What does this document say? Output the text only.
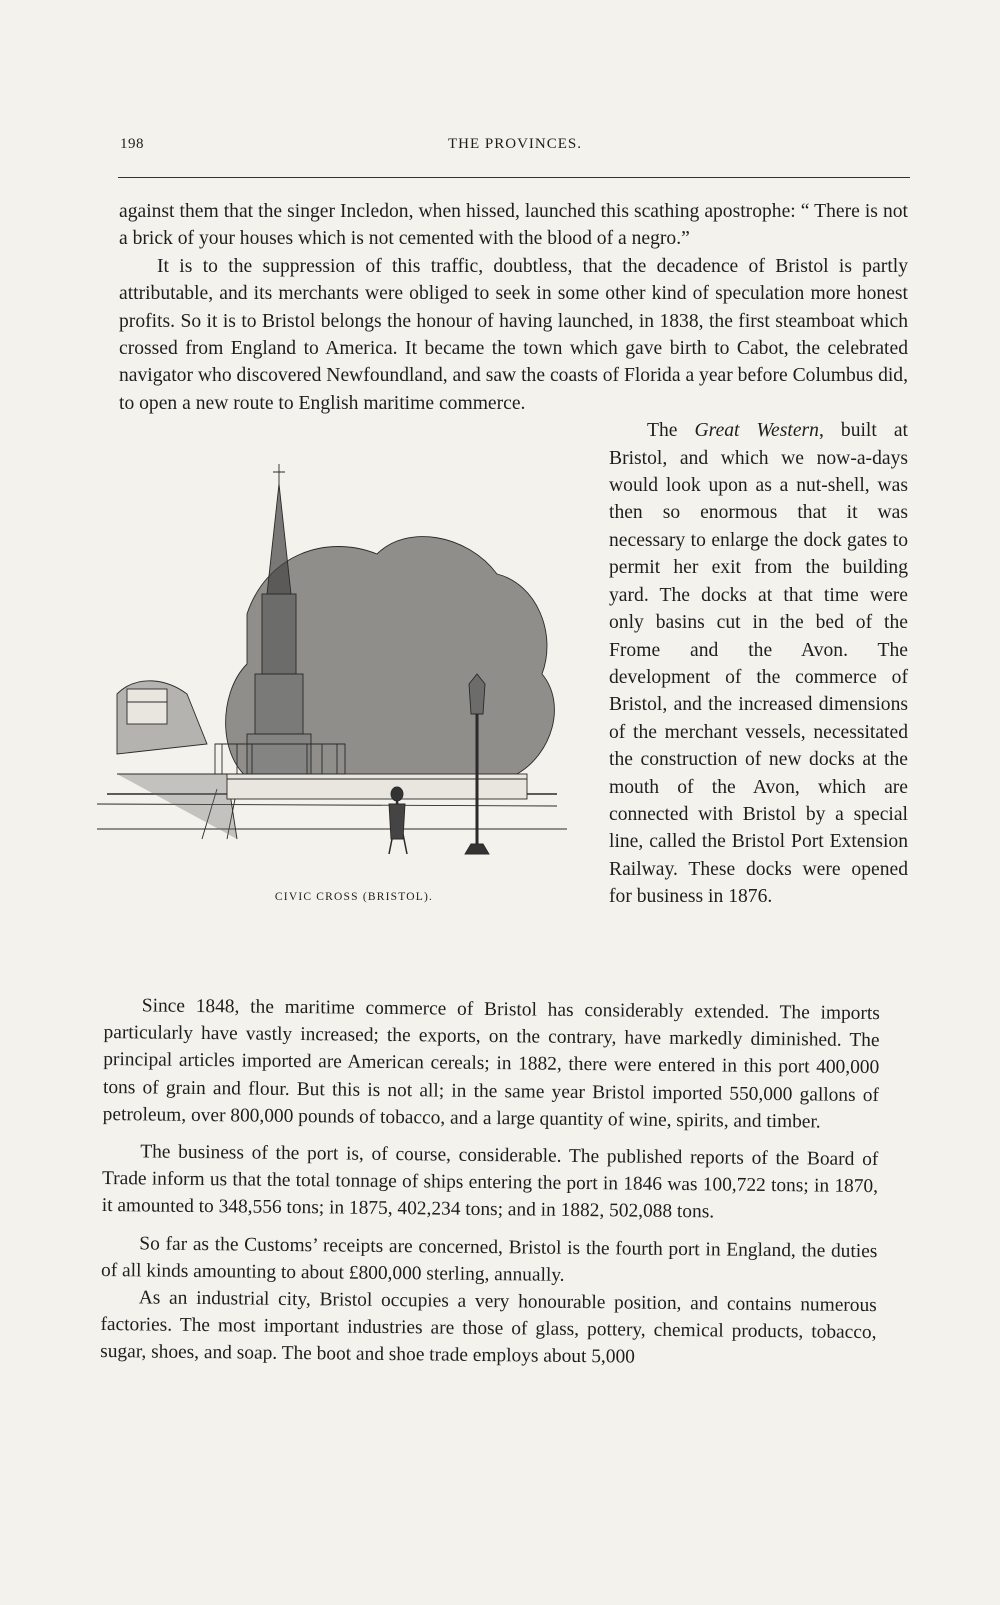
198	THE PROVINCES.

against them that the singer Incledon, when hissed, launched this scathing apostrophe: “ There is not a brick of your houses which is not cemented with the blood of a negro.”

It is to the suppression of this traffic, doubtless, that the decadence of Bristol is partly attributable, and its merchants were obliged to seek in some other kind of speculation more honest profits. So it is to Bristol belongs the honour of having launched, in 1838, the first steamboat which crossed from England to America. It became the town which gave birth to Cabot, the celebrated navigator who discovered Newfoundland, and saw the coasts of Florida a year before Columbus did, to open a new route to English maritime commerce.

CIVIC CROSS (BRISTOL).
The Great Western, built at Bristol, and which we now-a-days would look upon as a nut-shell, was then so enormous that it was necessary to enlarge the dock gates to permit her exit from the building yard. The docks at that time were only basins cut in the bed of the Frome and the Avon. The development of the commerce of Bristol, and the increased dimensions of the merchant vessels, necessitated the construction of new docks at the mouth of the Avon, which are connected with Bristol by a special line, called the Bristol Port Extension Railway. These docks were opened for business in 1876.

Since 1848, the maritime commerce of Bristol has considerably extended. The imports particularly have vastly increased; the exports, on the contrary, have markedly diminished. The principal articles imported are American cereals; in 1882, there were entered in this port 400,000 tons of grain and flour. But this is not all; in the same year Bristol imported 550,000 gallons of petroleum, over 800,000 pounds of tobacco, and a large quantity of wine, spirits, and timber.

The business of the port is, of course, considerable. The published reports of the Board of Trade inform us that the total tonnage of ships entering the port in 1846 was 100,722 tons; in 1870, it amounted to 348,556 tons; in 1875, 402,234 tons; and in 1882, 502,088 tons.

So far as the Customs’ receipts are concerned, Bristol is the fourth port in England, the duties of all kinds amounting to about £800,000 sterling, annually.

As an industrial city, Bristol occupies a very honourable position, and contains numerous factories. The most important industries are those of glass, pottery, chemical products, tobacco, sugar, shoes, and soap. The boot and shoe trade employs about 5,000
